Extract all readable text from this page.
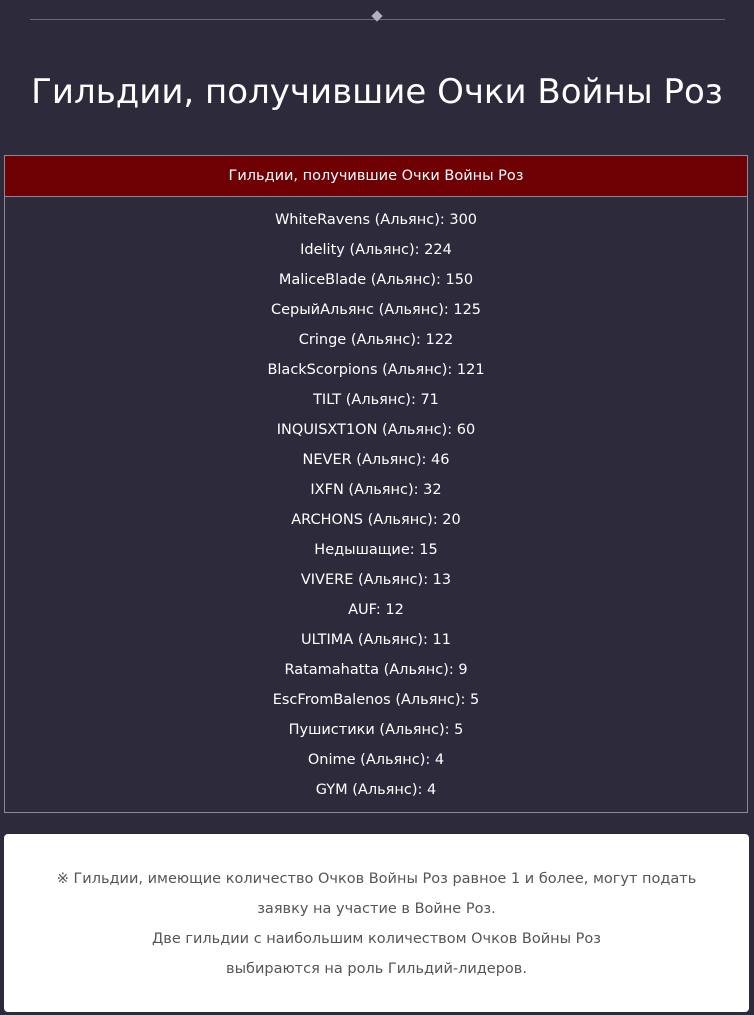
Гильдии, получившие Очки Войны Роз
Гильдии, получившие Очки Войны Роз
WhiteRavens (Альянс): 300
Idelity (Альянс): 224
MaliceBlade (Альянс): 150
СерыйАльянс (Альянс): 125
Cringe (Альянс): 122
BlackScorpions (Альянс): 121
TILT (Альянс): 71
INQUISXT1ON (Альянс): 60
NEVER (Альянс): 46
IXFN (Альянс): 32
ARCHONS (Альянс): 20
Недышащие: 15
VIVERE (Альянс): 13
AUF: 12
ULTIMA (Альянс): 11
Ratamahatta (Альянс): 9
EscFromBalenos (Альянс): 5
Пушистики (Альянс): 5
Onime (Альянс): 4
GYM (Альянс): 4
※ Гильдии, имеющие количество Очков Войны Роз равное 1 и более, могут подать
заявку на участие в Войне Роз.
Две гильдии с наибольшим количеством Очков Войны Роз
выбираются на роль Гильдий-лидеров.
